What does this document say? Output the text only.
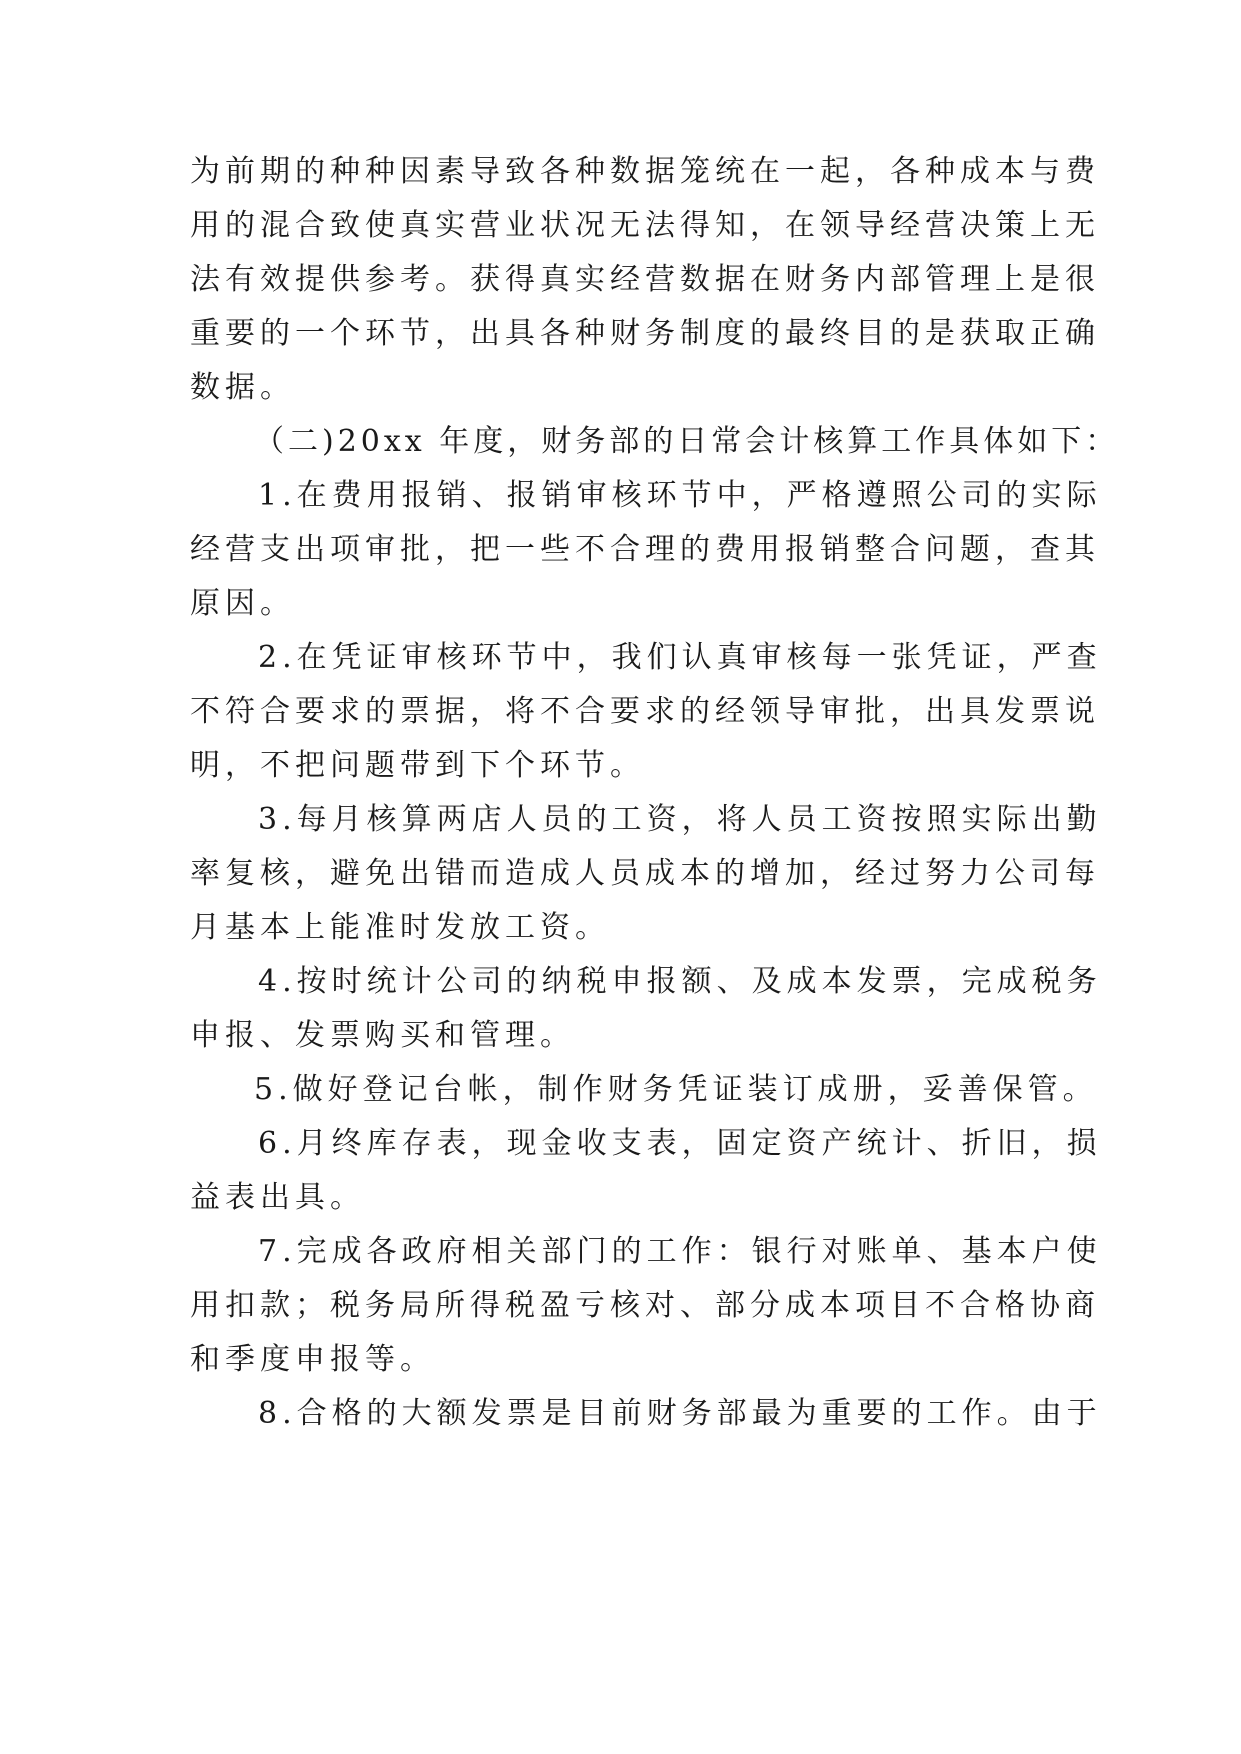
为前期的种种因素导致各种数据笼统在一起，各种成本与费
用的混合致使真实营业状况无法得知，在领导经营决策上无
法有效提供参考。获得真实经营数据在财务内部管理上是很
重要的一个环节，出具各种财务制度的最终目的是获取正确
数据。
（二)20xx 年度，财务部的日常会计核算工作具体如下：
1.在费用报销、报销审核环节中，严格遵照公司的实际
经营支出项审批，把一些不合理的费用报销整合问题，查其
原因。
2.在凭证审核环节中，我们认真审核每一张凭证，严查
不符合要求的票据，将不合要求的经领导审批，出具发票说
明，不把问题带到下个环节。
3.每月核算两店人员的工资，将人员工资按照实际出勤
率复核，避免出错而造成人员成本的增加，经过努力公司每
月基本上能准时发放工资。
4.按时统计公司的纳税申报额、及成本发票，完成税务
申报、发票购买和管理。
5.做好登记台帐，制作财务凭证装订成册，妥善保管。
6.月终库存表，现金收支表，固定资产统计、折旧，损
益表出具。
7.完成各政府相关部门的工作：银行对账单、基本户使
用扣款；税务局所得税盈亏核对、部分成本项目不合格协商
和季度申报等。
8.合格的大额发票是目前财务部最为重要的工作。由于
